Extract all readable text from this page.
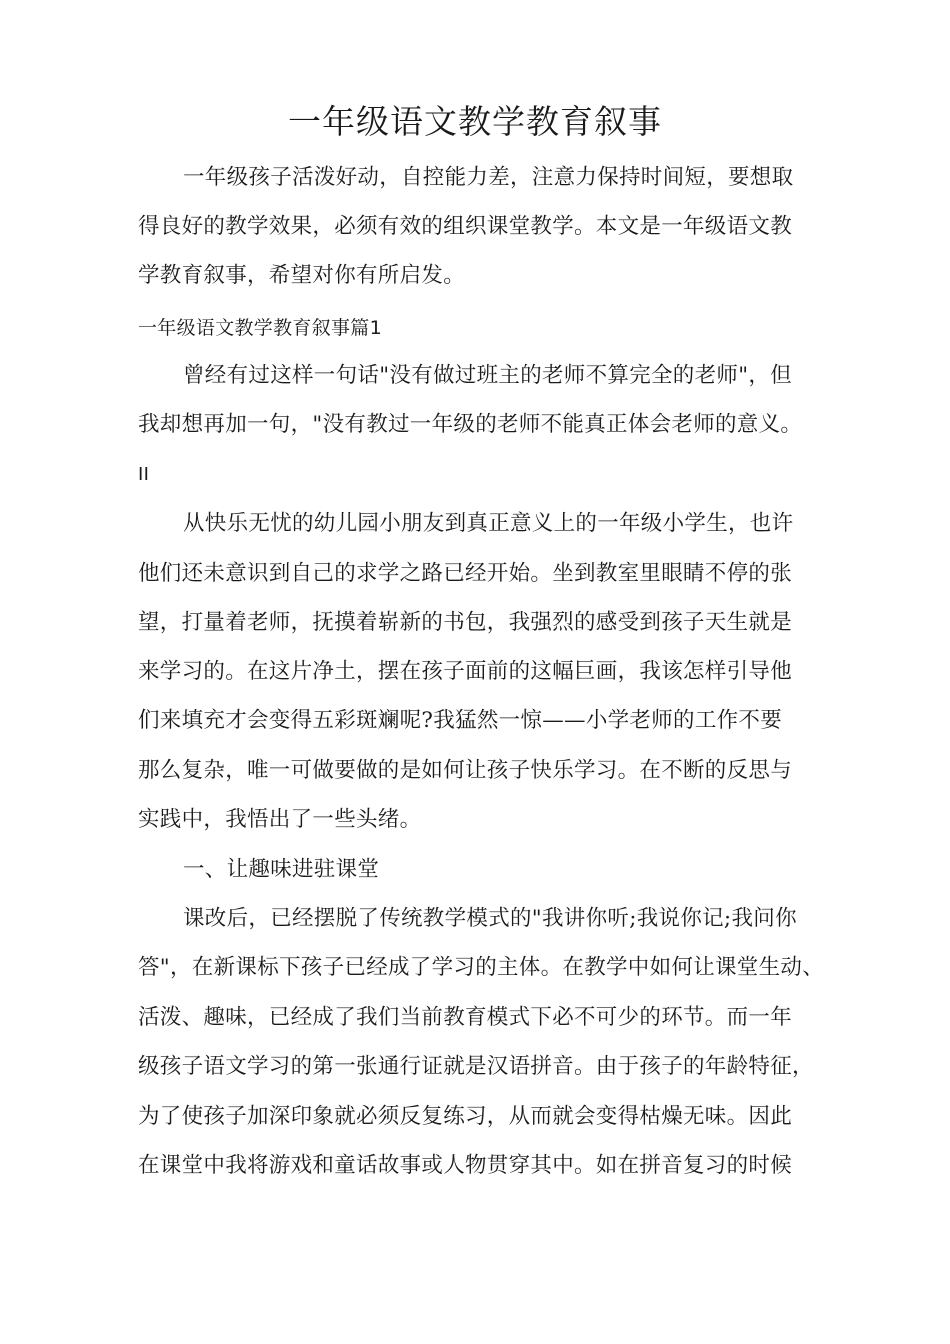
一年级语文教学教育叙事
一年级孩子活泼好动，自控能力差，注意力保持时间短，要想取
得良好的教学效果，必须有效的组织课堂教学。本文是一年级语文教
学教育叙事，希望对你有所启发。
一年级语文教学教育叙事篇1
曾经有过这样一句话"没有做过班主的老师不算完全的老师"，但
我却想再加一句，"没有教过一年级的老师不能真正体会老师的意义。
II
从快乐无忧的幼儿园小朋友到真正意义上的一年级小学生，也许
他们还未意识到自己的求学之路已经开始。坐到教室里眼睛不停的张
望，打量着老师，抚摸着崭新的书包，我强烈的感受到孩子天生就是
来学习的。在这片净土，摆在孩子面前的这幅巨画，我该怎样引导他
们来填充才会变得五彩斑斓呢?我猛然一惊——小学老师的工作不要
那么复杂，唯一可做要做的是如何让孩子快乐学习。在不断的反思与
实践中，我悟出了一些头绪。
一、让趣味进驻课堂
课改后，已经摆脱了传统教学模式的"我讲你听;我说你记;我问你
答"，在新课标下孩子已经成了学习的主体。在教学中如何让课堂生动、
活泼、趣味，已经成了我们当前教育模式下必不可少的环节。而一年
级孩子语文学习的第一张通行证就是汉语拼音。由于孩子的年龄特征，
为了使孩子加深印象就必须反复练习，从而就会变得枯燥无味。因此
在课堂中我将游戏和童话故事或人物贯穿其中。如在拼音复习的时候
